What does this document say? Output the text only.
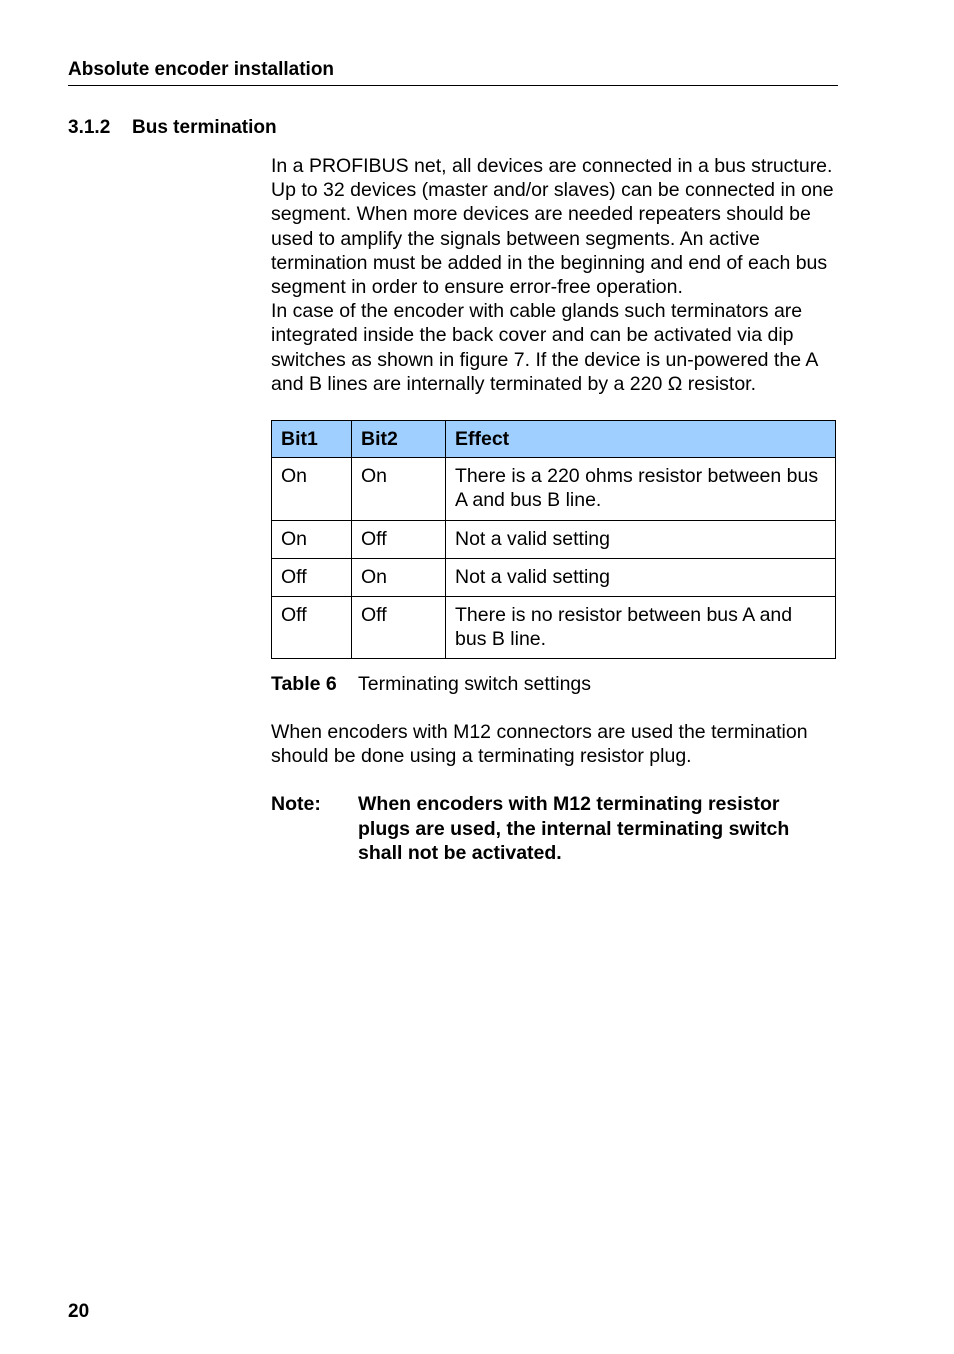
Absolute encoder installation
3.1.2 Bus termination

In a PROFIBUS net, all devices are connected in a bus structure. Up to 32 devices (master and/or slaves) can be connected in one segment. When more devices are needed repeaters should be used to amplify the signals between segments. An active termination must be added in the beginning and end of each bus segment in order to ensure error-free operation.

In case of the encoder with cable glands such terminators are integrated inside the back cover and can be activated via dip switches as shown in figure 7. If the device is un-powered the A and B lines are internally terminated by a 220 Ω resistor.

Bit1	Bit2	Effect
On	On	There is a 220 ohms resistor between bus A and bus B line.
On	Off	Not a valid setting
Off	On	Not a valid setting
Off	Off	There is no resistor between bus A and bus B line.
Table 6 Terminating switch settings
When encoders with M12 connectors are used the termination should be done using a terminating resistor plug.
Note: When encoders with M12 terminating resistor plugs are used, the internal terminating switch shall not be activated.
20
